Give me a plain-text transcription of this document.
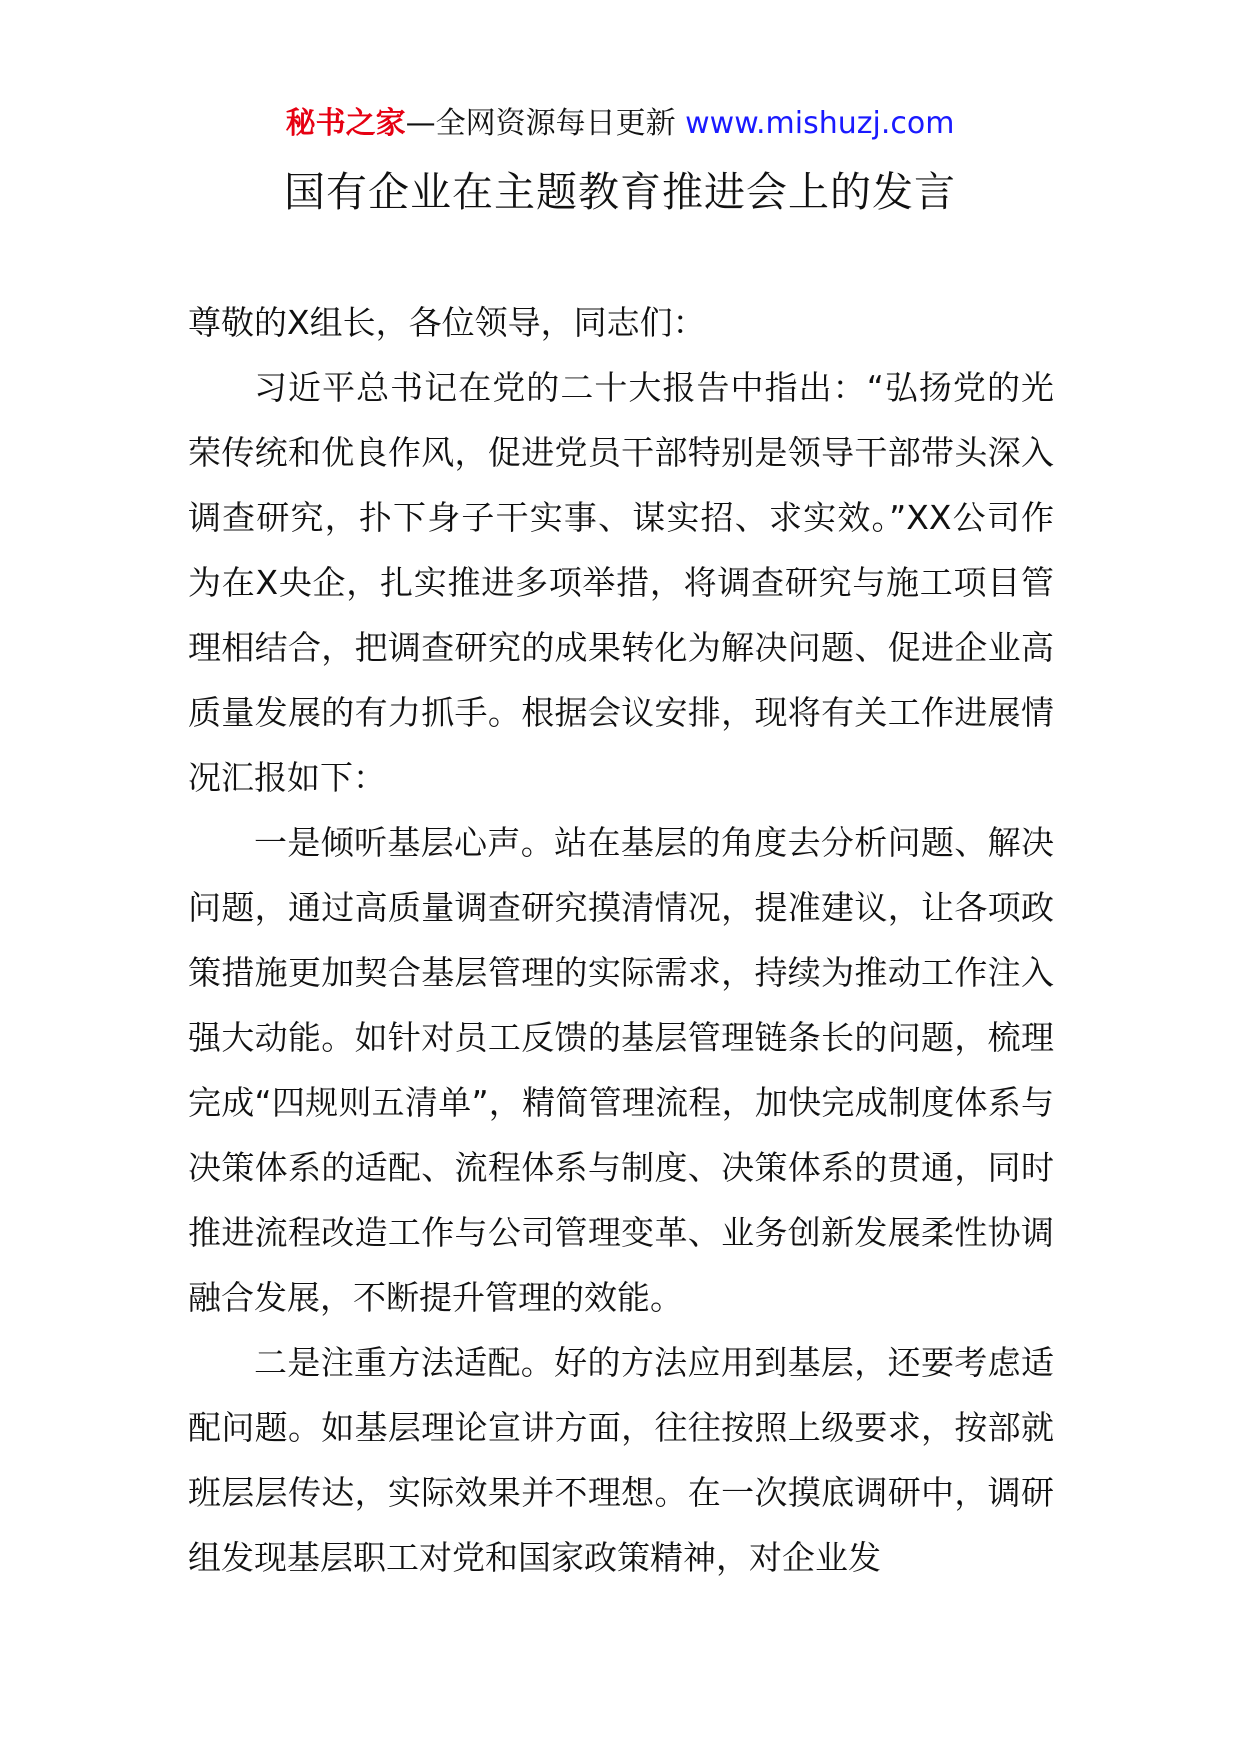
秘书之家—全网资源每日更新 www.mishuzj.com
国有企业在主题教育推进会上的发言

尊敬的X组长，各位领导，同志们：

习近平总书记在党的二十大报告中指出：“弘扬党的光荣传统和优良作风，促进党员干部特别是领导干部带头深入调查研究，扑下身子干实事、谋实招、求实效。”XX公司作为在X央企，扎实推进多项举措，将调查研究与施工项目管理相结合，把调查研究的成果转化为解决问题、促进企业高质量发展的有力抓手。根据会议安排，现将有关工作进展情况汇报如下：

一是倾听基层心声。站在基层的角度去分析问题、解决问题，通过高质量调查研究摸清情况，提准建议，让各项政策措施更加契合基层管理的实际需求，持续为推动工作注入强大动能。如针对员工反馈的基层管理链条长的问题，梳理完成“四规则五清单”，精简管理流程，加快完成制度体系与决策体系的适配、流程体系与制度、决策体系的贯通，同时推进流程改造工作与公司管理变革、业务创新发展柔性协调融合发展，不断提升管理的效能。

二是注重方法适配。好的方法应用到基层，还要考虑适配问题。如基层理论宣讲方面，往往按照上级要求，按部就班层层传达，实际效果并不理想。在一次摸底调研中，调研组发现基层职工对党和国家政策精神，对企业发
